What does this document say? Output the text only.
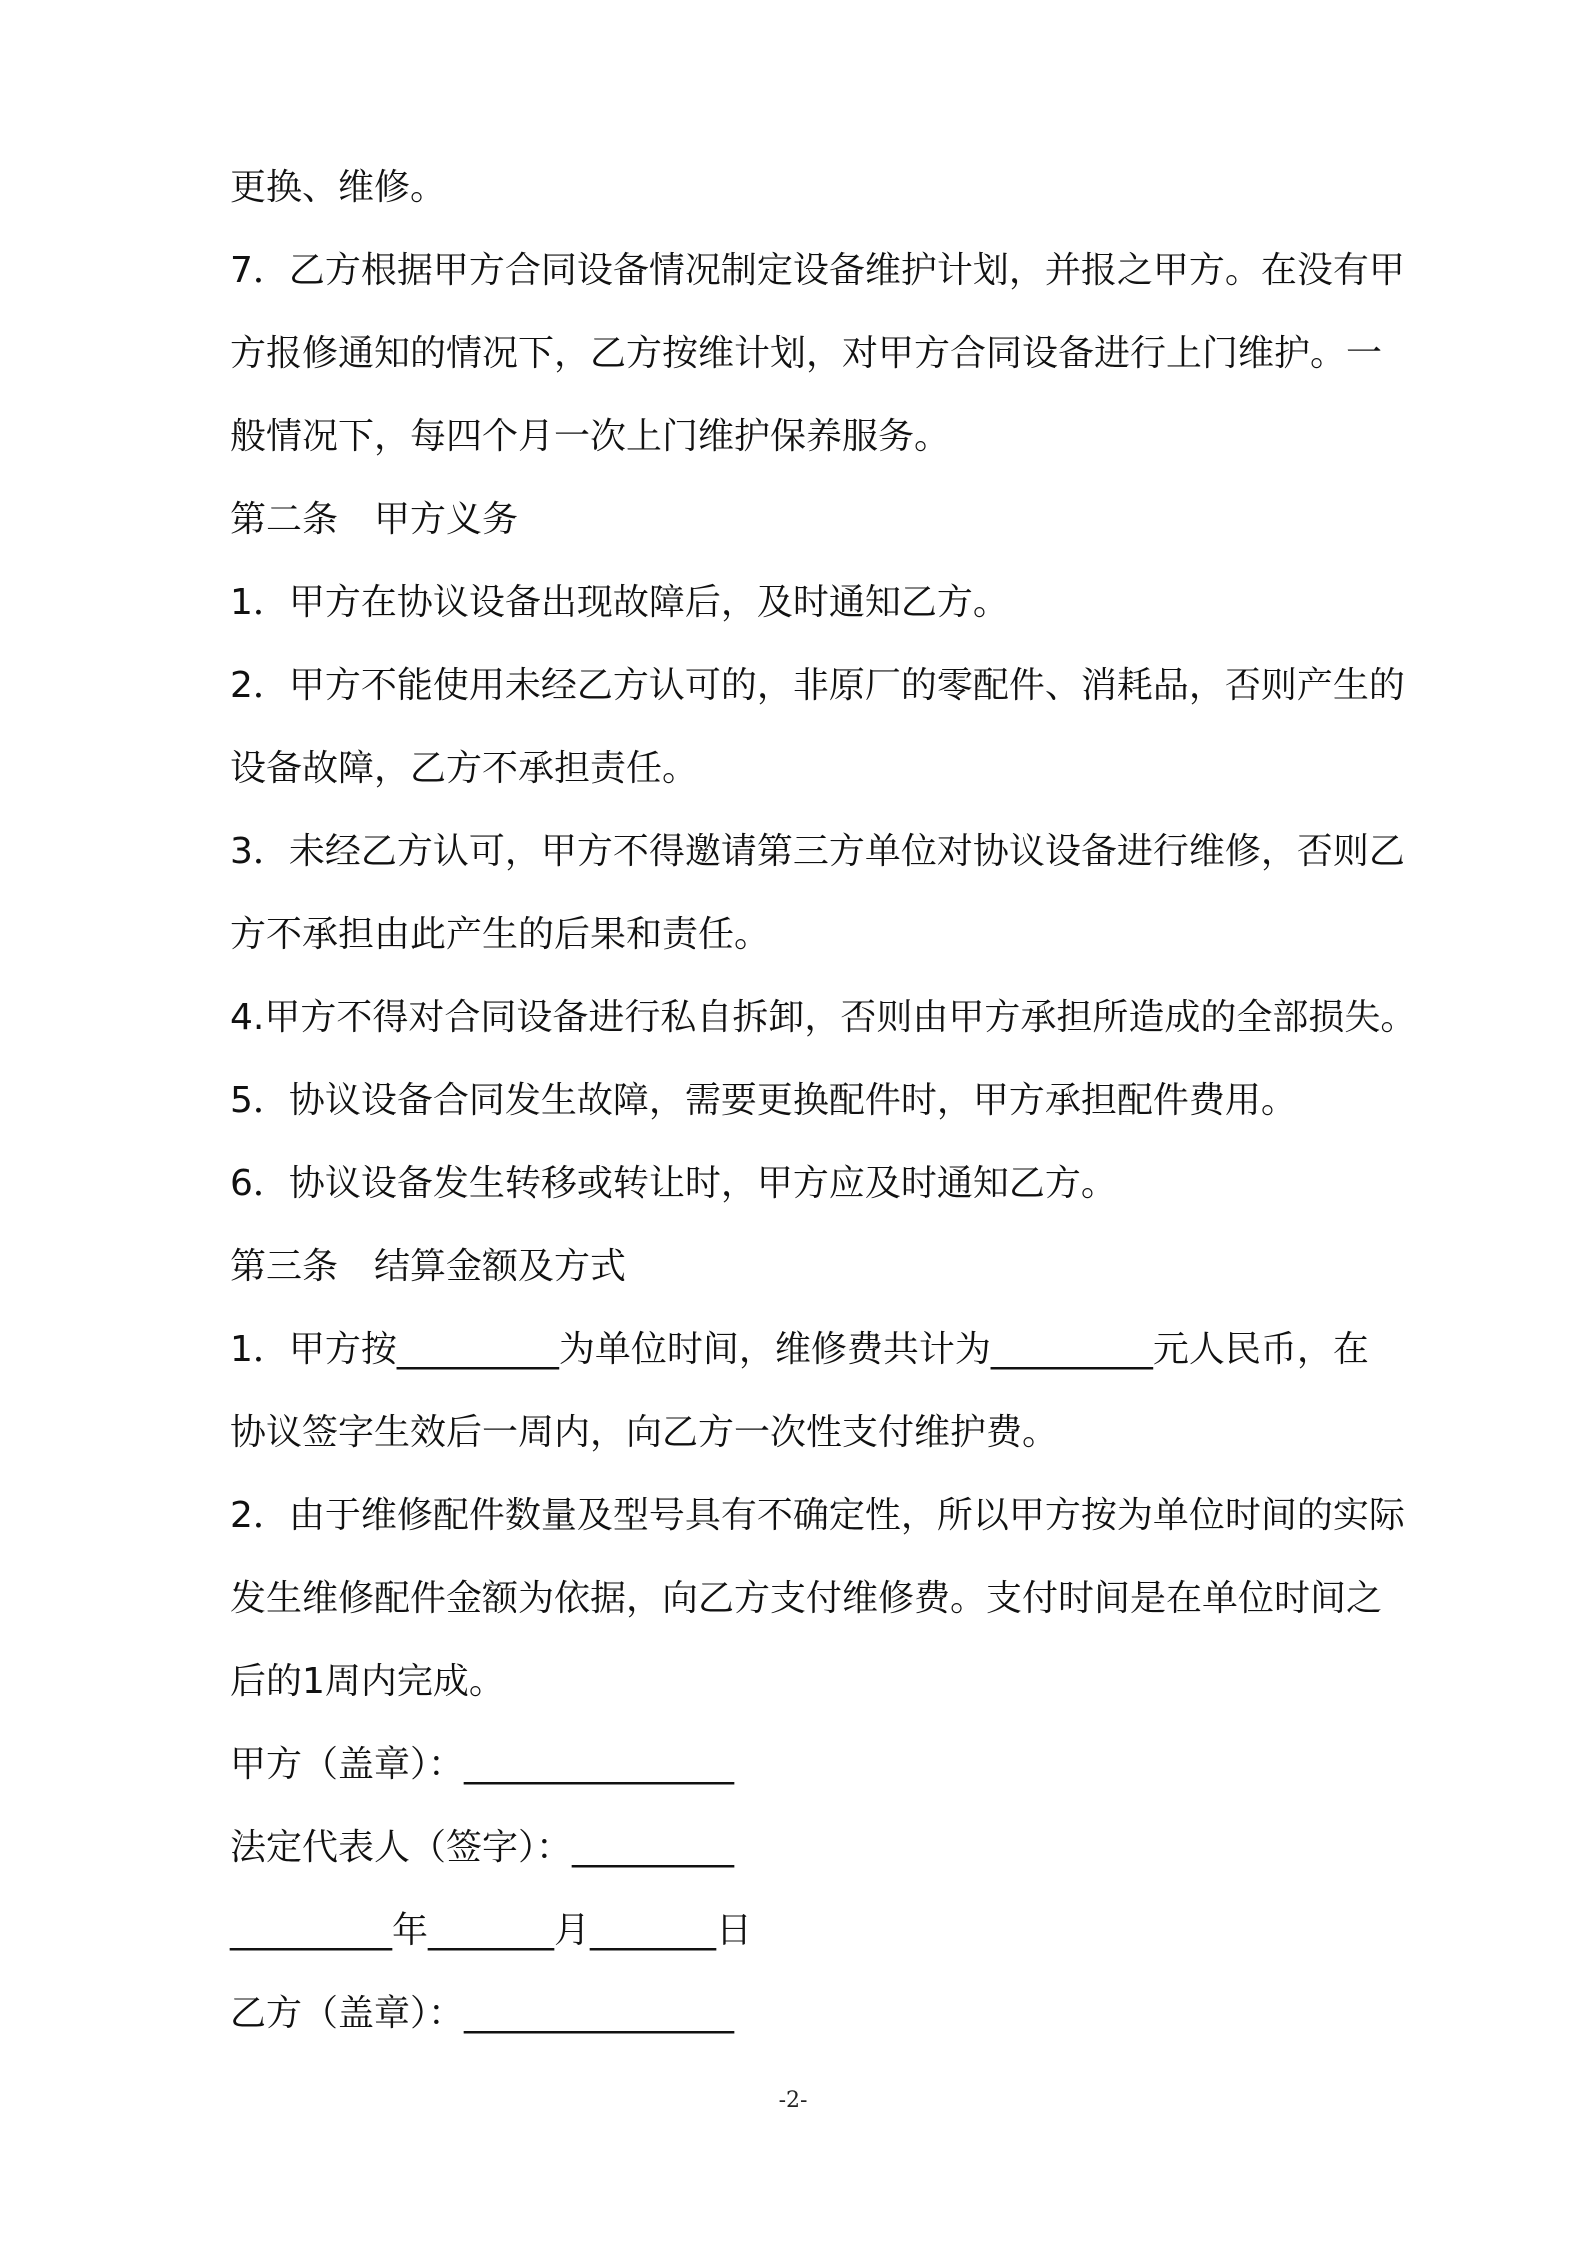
更换、维修。

7．乙方根据甲方合同设备情况制定设备维护计划，并报之甲方。在没有甲

方报修通知的情况下，乙方按维计划，对甲方合同设备进行上门维护。一

般情况下，每四个月一次上门维护保养服务。

第二条　甲方义务

1．甲方在协议设备出现故障后，及时通知乙方。

2．甲方不能使用未经乙方认可的，非原厂的零配件、消耗品，否则产生的

设备故障，乙方不承担责任。

3．未经乙方认可，甲方不得邀请第三方单位对协议设备进行维修，否则乙

方不承担由此产生的后果和责任。

4.甲方不得对合同设备进行私自拆卸，否则由甲方承担所造成的全部损失。

5．协议设备合同发生故障，需要更换配件时，甲方承担配件费用。

6．协议设备发生转移或转让时，甲方应及时通知乙方。

第三条　结算金额及方式

1．甲方按_________为单位时间，维修费共计为_________元人民币，在

协议签字生效后一周内，向乙方一次性支付维护费。

2．由于维修配件数量及型号具有不确定性，所以甲方按为单位时间的实际

发生维修配件金额为依据，向乙方支付维修费。支付时间是在单位时间之

后的1周内完成。

甲方（盖章）：_______________

法定代表人（签字）：_________

_________年_______月_______日

乙方（盖章）：_______________

-2-
